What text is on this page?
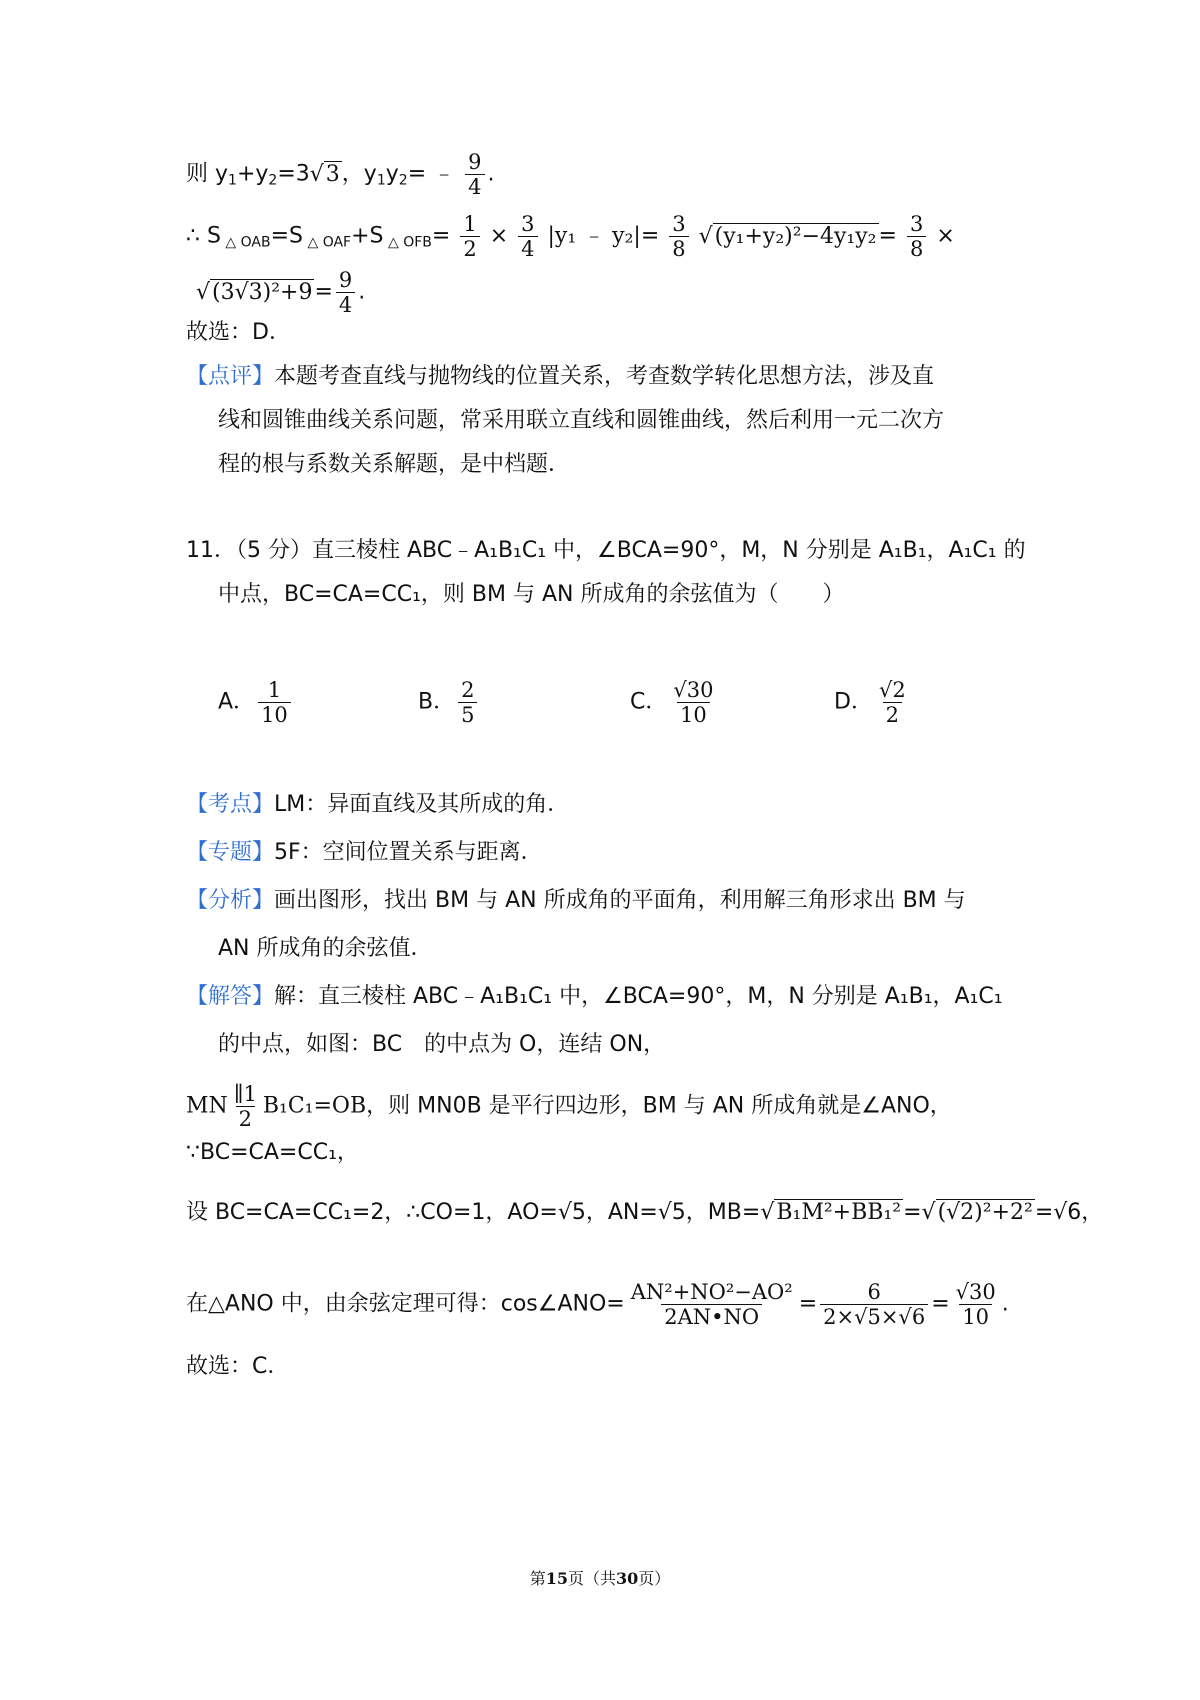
则 $y_1+y_2=3√3$，$y_1y_2=$ ﹣ $\frac{9}{4}$ .
∴ S $_{\triangle OAB}$=S $_{\triangle OAF}$+S $_{\triangle OFB}= \frac{1}{2} \times \frac{3}{4} |y_1$ ﹣ $y_2|= \frac{3}{8} √(y_1+y_2)^2-4y_1y_2= \frac{3}{8}$ ×
$√(3√3)^2+9= \frac{9}{4}$ .
故选：D．
【点评】本题考查直线与抛物线的位置关系，考查数学转化思想方法，涉及直
线和圆锥曲线关系问题，常采用联立直线和圆锥曲线，然后利用一元二次方
程的根与系数关系解题，是中档题．
11．（5 分）直三棱柱 ABC﹣A₁B₁C₁ 中，∠BCA=90°，M，N 分别是 A₁B₁，A₁C₁ 的
中点，BC=CA=CC₁，则 BM 与 AN 所成角的余弦值为（　　）
A． $\frac{1}{10}$	B． $\frac{2}{5}$	C． $\frac{√30}{10}$	D． $\frac{√2}{2}$
【考点】LM：异面直线及其所成的角．
【专题】5F：空间位置关系与距离．
【分析】画出图形，找出 BM 与 AN 所成角的平面角，利用解三角形求出 BM 与
AN 所成角的余弦值．
【解答】解：直三棱柱 ABC﹣A₁B₁C₁ 中，∠BCA=90°，M，N 分别是 A₁B₁，A₁C₁
的中点，如图：BC　的中点为 O，连结 ON，
MN $\frac{\parallel 1}{2} B_1C_1=OB$，则 MN0B 是平行四边形，BM 与 AN 所成角就是∠ANO，
∵BC=CA=CC₁，
设 BC=CA=CC₁=2，∴CO=1，AO=√5，AN=√5，MB=√B₁M²+BB₁²=√(√2)²+2²=√6，
在△ANO 中，由余弦定理可得：cos∠ANO= $\frac{\text{AN²+NO²−AO²}}{2AN•NO} = \frac{6}{2\times√5\times√6} = \frac{√30}{10}$ .
故选：C．
第15页（共30页）
